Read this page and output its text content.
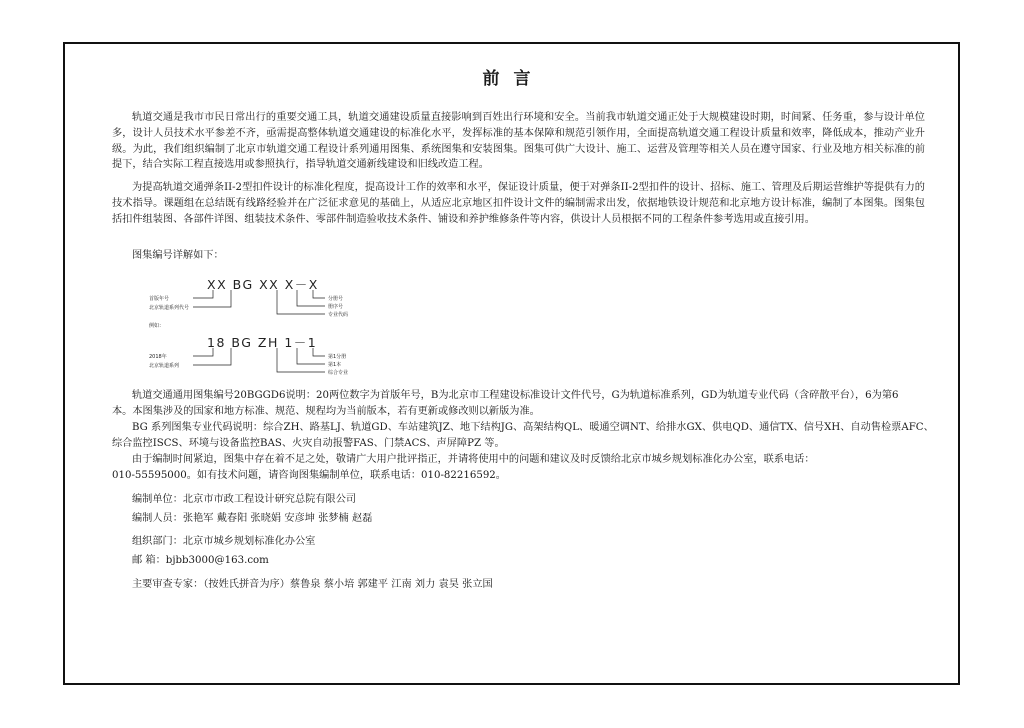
前言

轨道交通是我市市民日常出行的重要交通工具，轨道交通建设质量直接影响到百姓出行环境和安全。当前我市轨道交通正处于大规模建设时期，时间紧、任务重，参与设计单位多，设计人员技术水平参差不齐，亟需提高整体轨道交通建设的标准化水平，发挥标准的基本保障和规范引领作用，全面提高轨道交通工程设计质量和效率，降低成本，推动产业升级。为此，我们组织编制了北京市轨道交通工程设计系列通用图集、系统图集和安装图集。图集可供广大设计、施工、运营及管理等相关人员在遵守国家、行业及地方相关标准的前提下，结合实际工程直接选用或参照执行，指导轨道交通新线建设和旧线改造工程。

为提高轨道交通弹条II-2型扣件设计的标准化程度，提高设计工作的效率和水平，保证设计质量，便于对弹条II-2型扣件的设计、招标、施工、管理及后期运营维护等提供有力的技术指导。课题组在总结既有线路经验并在广泛征求意见的基础上，从适应北京地区扣件设计文件的编制需求出发，依据地铁设计规范和北京地方设计标准，编制了本图集。图集包括扣件组装图、各部件详图、组装技术条件、零部件制造验收技术条件、铺设和养护维修条件等内容，供设计人员根据不同的工程条件参考选用或直接引用。

图集编号详解如下：
XX BG XX X－X
首版年号
北京轨道系列代号
分册号
册序号
专业代码
例如：
18 BG ZH 1－1
2018年
北京轨道系列
第1分册
第1本
综合专业
轨道交通通用图集编号20BGGD6说明：20两位数字为首版年号，B为北京市工程建设标准设计文件代号，G为轨道标准系列，GD为轨道专业代码（含碎散平台），6为第6
本。本图集涉及的国家和地方标准、规范、规程均为当前版本，若有更新或修改则以新版为准。
BG 系列图集专业代码说明：综合ZH、路基LJ、轨道GD、车站建筑JZ、地下结构JG、高架结构QL、暖通空调NT、给排水GX、供电QD、通信TX、信号XH、自动售检票AFC、
综合监控ISCS、环境与设备监控BAS、火灾自动报警FAS、门禁ACS、声屏障PZ 等。
由于编制时间紧迫，图集中存在着不足之处，敬请广大用户批评指正，并请将使用中的问题和建议及时反馈给北京市城乡规划标准化办公室，联系电话：
010-55595000。如有技术问题，请咨询图集编制单位，联系电话：010-82216592。
编制单位：北京市市政工程设计研究总院有限公司
编制人员：张艳军 戴春阳 张晓娟 安彦坤 张梦楠 赵磊
组织部门：北京市城乡规划标准化办公室
邮 箱：bjbb3000@163.com
主要审查专家：（按姓氏拼音为序）蔡鲁泉 蔡小培 郭建平 江南 刘力 袁昊 张立国
